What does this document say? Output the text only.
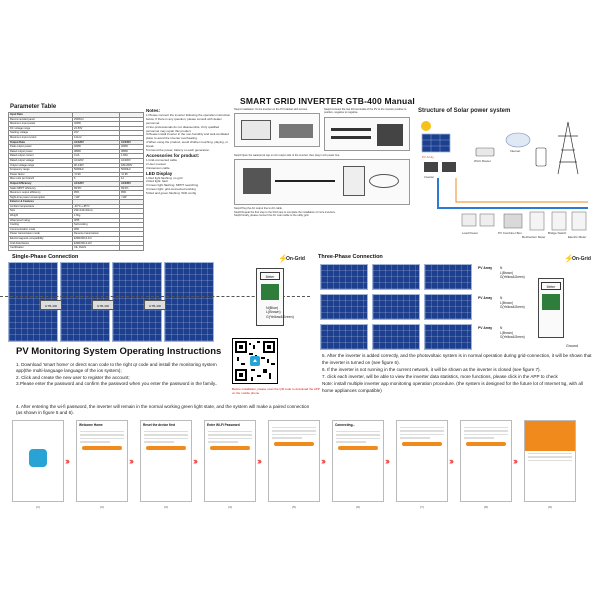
SMART GRID INVERTER GTB-400 Manual
Parameter Table
Input Data		
Recommended panel	250W×2	
Maximum input power	400W	
DC voltage range	22-50V	
Starting voltage	22V	
Maximum input current	12A×2	
Output Data	AC120V	AC230V
Peak output power	400W	400W
Rated output power	380W	380W
Rated output current	3.2A	1.65A
Rated output voltage	AC120V	AC230V
Output voltage range	90-140V	180-260V
Frequency range	50/60Hz	50/60Hz
Power factor	>0.99	>0.99
Max units per branch	6	12
Output Efficiency	AC120V	AC230V
Static MPPT efficiency	99.5%	99.5%
Maximum output efficiency	95%	95%
Night-time power consumption	<1W	<1W
Exterior & Features		
Ambient temperature	-40°C~+65°C	
Size	232×142×40mm	
Weight	1.6kg	
Waterproof rating	IP65	
Cooling	Self-cooling	
Communication mode	WiFi	
Power transmission mode	Reverse transmission	
Electromagnetic compatibility	EN61000-6-1/3	
Grid disturbance	EN61000-3-2/3	
Certification	CE, RoHS	
Notes:

1.Please connect the inverter following the operation instruction below, If there is any question, please consult with dealer personnel.

2.Non-professionals do not disassemble. Only qualified personnel may repair this product.

3.Please install inverter in the non-humidity and well-ventilated place to avoid the inverter overheating.

4.When using the product, avoid children touching, playing, or break.

5.Ground the power, battery or each generation.

Accessories for product:

1.Grid-connected cable

2.User manual

3.Extension cable

LED Display

1.Red light flashing: no grid

2.Red light: fault

3.Green light flashing: MPPT searching

4.Green light: grid-connected working

5.Red and green flashing: WiFi config

Step1 Installation: fix the inverter on the PV bracket with screws.	Step2 Connect the two DC terminals of the PV to the inverter positive to positive, negative to negative.

Step3 Open the waterproof cap on AC output side of the inverter, then plug in AC power line.

Step4 Plug the AC output line to AC cable.

Step5 Repeat the first step to the third step to complete the installation of more inverters.

Step6 Finally, please connect the AC main cable to the utility grid.

Structure of Solar power system
PV Array
Inverter
Internet
Wi-Fi Router
Load Power	PV Combiner Box
Bi-direction Meter
Bridge Switch
Electric Meter
Single-Phase Connection
GTB-400	GTB-400	GTB-400
On-Grid
⚡
Meter
N(Blue)
L(Brown)
G(Yellow&Green)
Three-Phase Connection	⚡
On-Grid
PV Array N
L(Brown)
G(Yellow&Green)
PV Array N
L(Brown)
G(Yellow&Green)
PV Array N
L(Brown)
G(Yellow&Green)
Meter
Ground
PV Monitoring System Operating Instructions

1. Download 'smart home' or direct scan code to the right qr code and install the monitoring system app(the multi-language language of the ios system);

2. Click and create the new user to register the account;

3.Please enter the password and confirm the password when you enter the password in the family..

4. After entering the wi-fi password, the inverter will remain in the normal working green light state, and the system will make a paired connection (as shown in figure 5 and 6).

Before installation, please scan the QR code to download the APP on the mobile phone

5. After the inverter is added correctly, and the photovoltaic system is in normal operation during grid-connection, it will be shown that the inverter is turned on (see figure 6).

6. If the inverter is not running in the current network, it will be shown as the inverter is closed (see figure 7).

7. click each inverter, will be able to view the inverter data statistics, more functions, please click in the APP to check

Note: install multiple inverter app monitoring operation procedure. (the system is designed for the future lot of Internet 5g, with all home appliances compatible)

(1)
›››
Welcome Home
(2)
›››
Reset the device first
(3)
›››
Enter Wi-Fi Password
(4)
›››
(5)
›››
Connecting...
(6)
›››
(7)
›››
(8)
›››
(9)
